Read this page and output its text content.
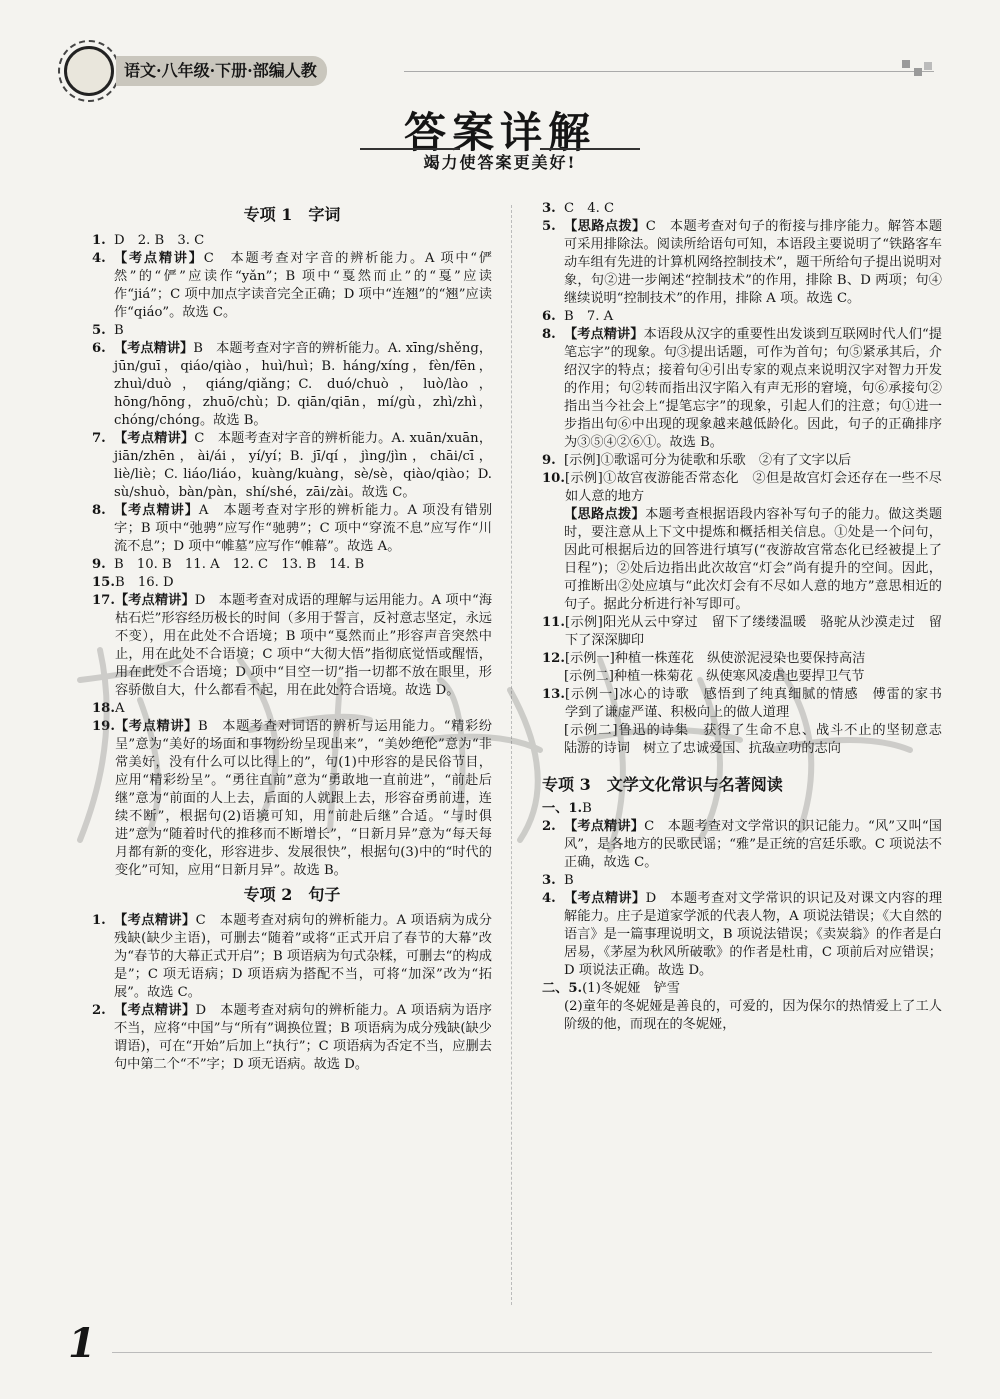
语文·八年级·下册·部编人教
答案详解
竭力使答案更美好!
专项 1　字词
1. D　2. B　3. C
4. 【考点精讲】C　本题考查对字音的辨析能力。A 项中“俨然”的“俨”应读作“yǎn”；B 项中“戛然而止”的“戛”应读作“jiá”；C 项中加点字读音完全正确；D 项中“连翘”的“翘”应读作“qiáo”。故选 C。
5. B
6. 【考点精讲】B　本题考查对字音的辨析能力。A. xīng/shěng，jūn/guī，qiáo/qiào，huì/huì；B. háng/xíng，fèn/fēn，zhuì/duò，qiáng/qiǎng；C. duó/chuò，luò/lào，hōng/hōng，zhuō/chù；D. qiān/qiān，mí/gù，zhì/zhì，chóng/chóng。故选 B。
7. 【考点精讲】C　本题考查对字音的辨析能力。A. xuān/xuān，jiān/zhēn，ài/ái，yí/yí；B. jī/qí，jìng/jìn，chāi/cī，liè/liè；C. liáo/liáo，kuàng/kuàng，sè/sè，qiào/qiào；D. sù/shuò，bàn/pàn，shí/shé，zāi/zài。故选 C。
8. 【考点精讲】A　本题考查对字形的辨析能力。A 项没有错别字；B 项中“弛骋”应写作“驰骋”；C 项中“穿流不息”应写作“川流不息”；D 项中“帷墓”应写作“帷幕”。故选 A。
9. B　10. B　11. A　12. C　13. B　14. B
15. B　16. D
17. 【考点精讲】D　本题考查对成语的理解与运用能力。A 项中“海枯石烂”形容经历极长的时间（多用于誓言，反衬意志坚定，永远不变），用在此处不合语境；B 项中“戛然而止”形容声音突然中止，用在此处不合语境；C 项中“大彻大悟”指彻底觉悟或醒悟，用在此处不合语境；D 项中“目空一切”指一切都不放在眼里，形容骄傲自大，什么都看不起，用在此处符合语境。故选 D。
18. A
19. 【考点精讲】B　本题考查对词语的辨析与运用能力。“精彩纷呈”意为“美好的场面和事物纷纷呈现出来”，“美妙绝伦”意为“非常美好，没有什么可以比得上的”，句(1)中形容的是民俗节目，应用“精彩纷呈”。“勇往直前”意为“勇敢地一直前进”，“前赴后继”意为“前面的人上去，后面的人就跟上去，形容奋勇前进，连续不断”，根据句(2)语境可知，用“前赴后继”合适。“与时俱进”意为“随着时代的推移而不断增长”，“日新月异”意为“每天每月都有新的变化，形容进步、发展很快”，根据句(3)中的“时代的变化”可知，应用“日新月异”。故选 B。
专项 2　句子
1. 【考点精讲】C　本题考查对病句的辨析能力。A 项语病为成分残缺(缺少主语)，可删去“随着”或将“正式开启了春节的大幕”改为“春节的大幕正式开启”；B 项语病为句式杂糅，可删去“的构成是”；C 项无语病；D 项语病为搭配不当，可将“加深”改为“拓展”。故选 C。
2. 【考点精讲】D　本题考查对病句的辨析能力。A 项语病为语序不当，应将“中国”与“所有”调换位置；B 项语病为成分残缺(缺少谓语)，可在“开始”后加上“执行”；C 项语病为否定不当，应删去句中第二个“不”字；D 项无语病。故选 D。
3. C　4. C
5. 【思路点拨】C　本题考查对句子的衔接与排序能力。解答本题可采用排除法。阅读所给语句可知，本语段主要说明了“铁路客车动车组有先进的计算机网络控制技术”，题干所给句子提出说明对象，句②进一步阐述“控制技术”的作用，排除 B、D 两项；句④继续说明“控制技术”的作用，排除 A 项。故选 C。
6. B　7. A
8. 【考点精讲】本语段从汉字的重要性出发谈到互联网时代人们“提笔忘字”的现象。句③提出话题，可作为首句；句⑤紧承其后，介绍汉字的特点；接着句④引出专家的观点来说明汉字对智力开发的作用；句②转而指出汉字陷入有声无形的窘境，句⑥承接句②指出当今社会上“提笔忘字”的现象，引起人们的注意；句①进一步指出句⑥中出现的现象越来越低龄化。因此，句子的正确排序为③⑤④②⑥①。故选 B。
9. [示例]①歌谣可分为徒歌和乐歌　②有了文字以后
10. [示例]①故宫夜游能否常态化　②但是故宫灯会还存在一些不尽如人意的地方
【思路点拨】本题考查根据语段内容补写句子的能力。做这类题时，要注意从上下文中提炼和概括相关信息。①处是一个问句，因此可根据后边的回答进行填写(“夜游故宫常态化已经被提上了日程”)；②处后边指出此次故宫“灯会”尚有提升的空间。因此，可推断出②处应填与“此次灯会有不尽如人意的地方”意思相近的句子。据此分析进行补写即可。
11. [示例]阳光从云中穿过　留下了缕缕温暖　骆驼从沙漠走过　留下了深深脚印
12. [示例一]种植一株莲花　纵使淤泥浸染也要保持高洁
[示例二]种植一株菊花　纵使寒风凌虐也要捍卫气节
13. [示例一]冰心的诗歌　感悟到了纯真细腻的情感　傅雷的家书　学到了谦虚严谨、积极向上的做人道理
[示例二]鲁迅的诗集　获得了生命不息、战斗不止的坚韧意志　陆游的诗词　树立了忠诚爱国、抗敌立功的志向
专项 3　文学文化常识与名著阅读
一、1. B
2. 【考点精讲】C　本题考查对文学常识的识记能力。“风”又叫“国风”，是各地方的民歌民谣；“雅”是正统的宫廷乐歌。C 项说法不正确，故选 C。
3. B
4. 【考点精讲】D　本题考查对文学常识的识记及对课文内容的理解能力。庄子是道家学派的代表人物，A 项说法错误；《大自然的语言》是一篇事理说明文，B 项说法错误；《卖炭翁》的作者是白居易，《茅屋为秋风所破歌》的作者是杜甫，C 项前后对应错误；D 项说法正确。故选 D。
二、5. (1)冬妮娅　铲雪
(2)童年的冬妮娅是善良的，可爱的，因为保尔的热情爱上了工人阶级的他，而现在的冬妮娅，
1
